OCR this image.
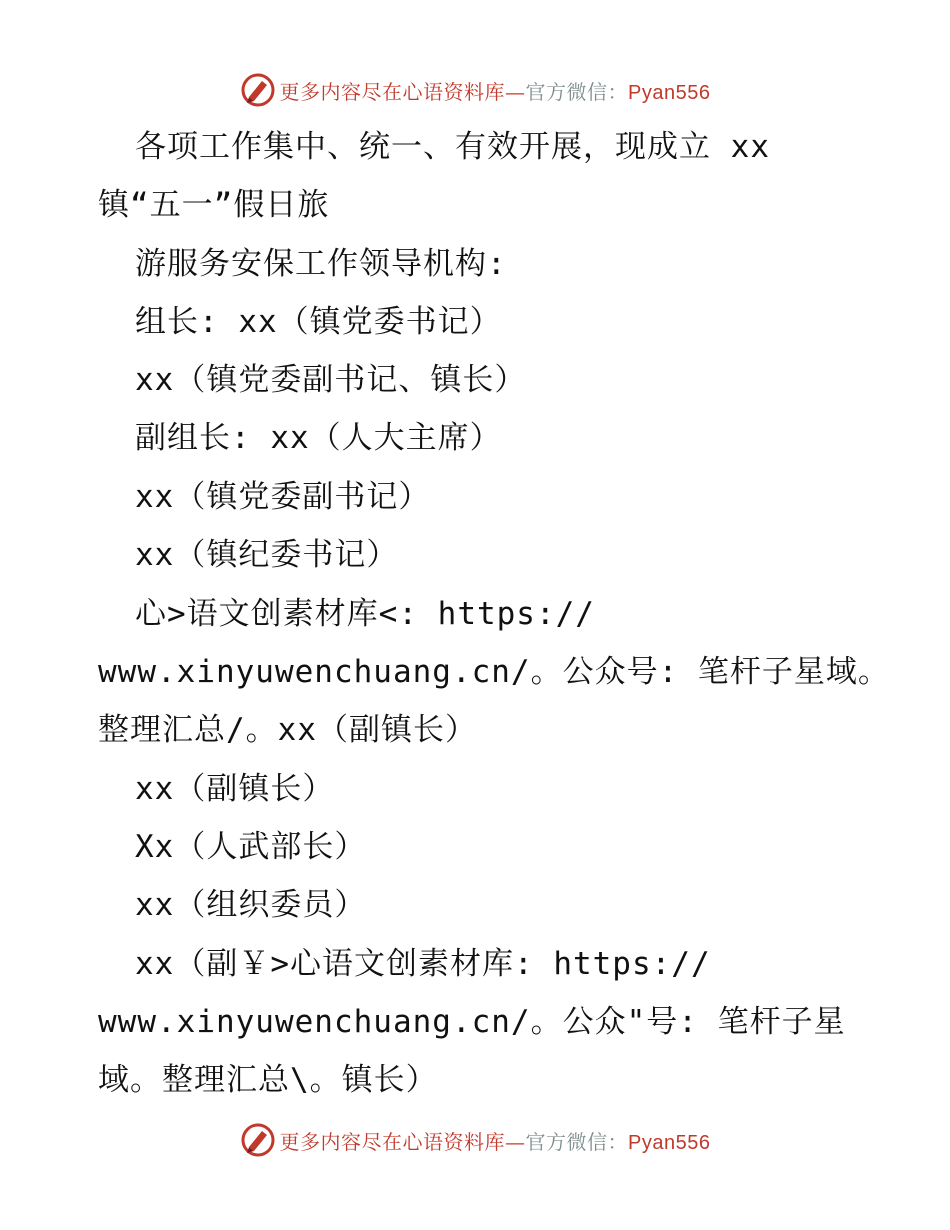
更多内容尽在心语资料库—官方微信：Pyan556
各项工作集中、统一、有效开展，现成立 xx
镇“五一”假日旅
游服务安保工作领导机构:
组长: xx（镇党委书记）
xx（镇党委副书记、镇长）
副组长: xx（人大主席）
xx（镇党委副书记）
xx（镇纪委书记）
心>语文创素材库<: https://
www.xinyuwenchuang.cn/。公众号: 笔杆子星域。
整理汇总/。xx（副镇长）
xx（副镇长）
Xx（人武部长）
xx（组织委员）
xx（副￥>心语文创素材库: https://
www.xinyuwenchuang.cn/。公众"号: 笔杆子星
域。整理汇总\。镇长）
更多内容尽在心语资料库—官方微信：Pyan556
